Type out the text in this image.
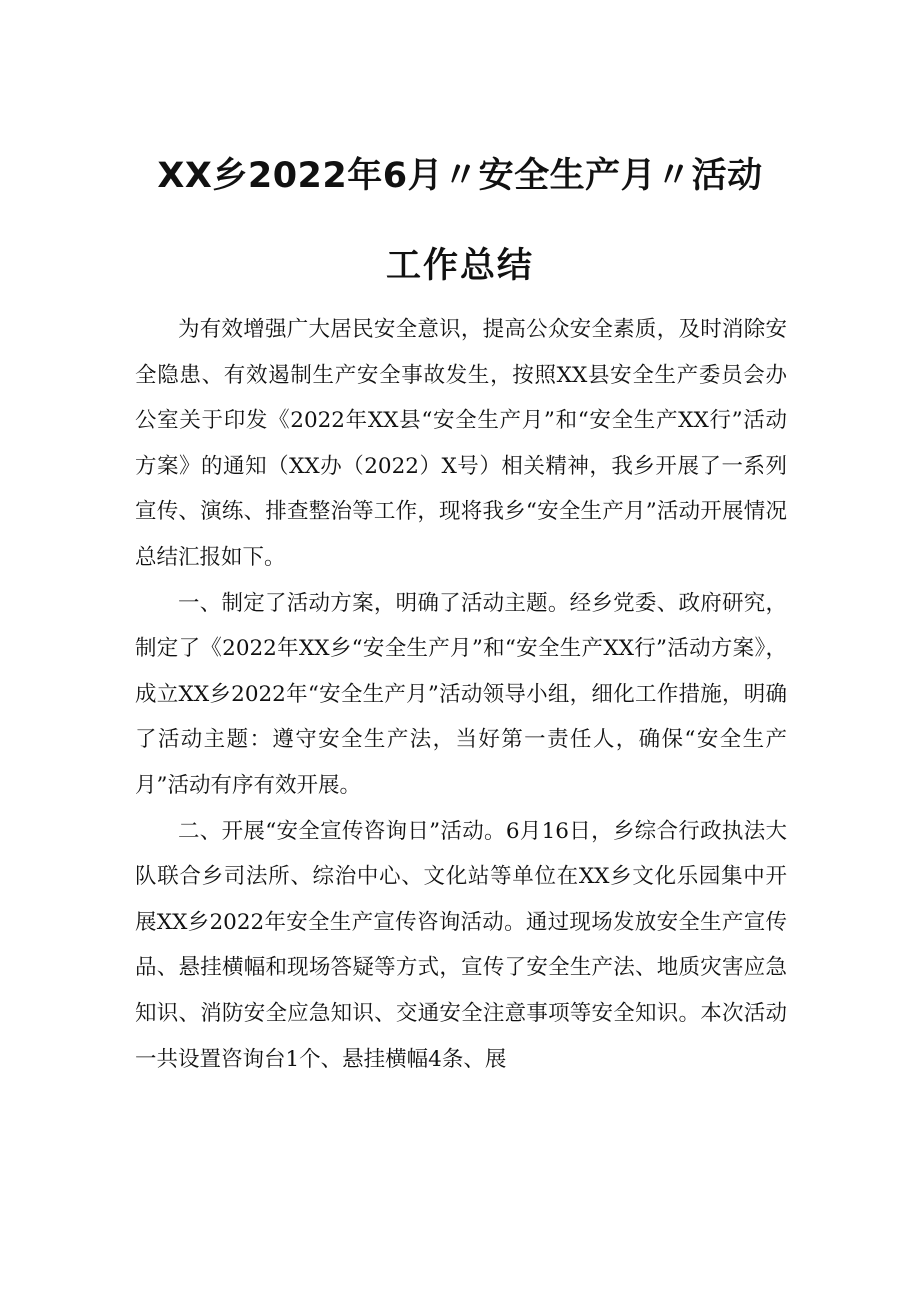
XX乡2022年6月〃安全生产月〃活动
工作总结

为有效增强广大居民安全意识，提高公众安全素质，及时消除安全隐患、有效遏制生产安全事故发生，按照XX县安全生产委员会办公室关于印发《2022年XX县“安全生产月”和“安全生产XX行”活动方案》的通知（XX办（2022）X号）相关精神，我乡开展了一系列宣传、演练、排查整治等工作，现将我乡“安全生产月”活动开展情况总结汇报如下。

一、制定了活动方案，明确了活动主题。经乡党委、政府研究，制定了《2022年XX乡“安全生产月”和“安全生产XX行”活动方案》，成立XX乡2022年“安全生产月”活动领导小组，细化工作措施，明确了活动主题：遵守安全生产法，当好第一责任人，确保“安全生产月”活动有序有效开展。

二、开展“安全宣传咨询日”活动。6月16日，乡综合行政执法大队联合乡司法所、综治中心、文化站等单位在XX乡文化乐园集中开展XX乡2022年安全生产宣传咨询活动。通过现场发放安全生产宣传品、悬挂横幅和现场答疑等方式，宣传了安全生产法、地质灾害应急知识、消防安全应急知识、交通安全注意事项等安全知识。本次活动一共设置咨询台1个、悬挂横幅4条、展
